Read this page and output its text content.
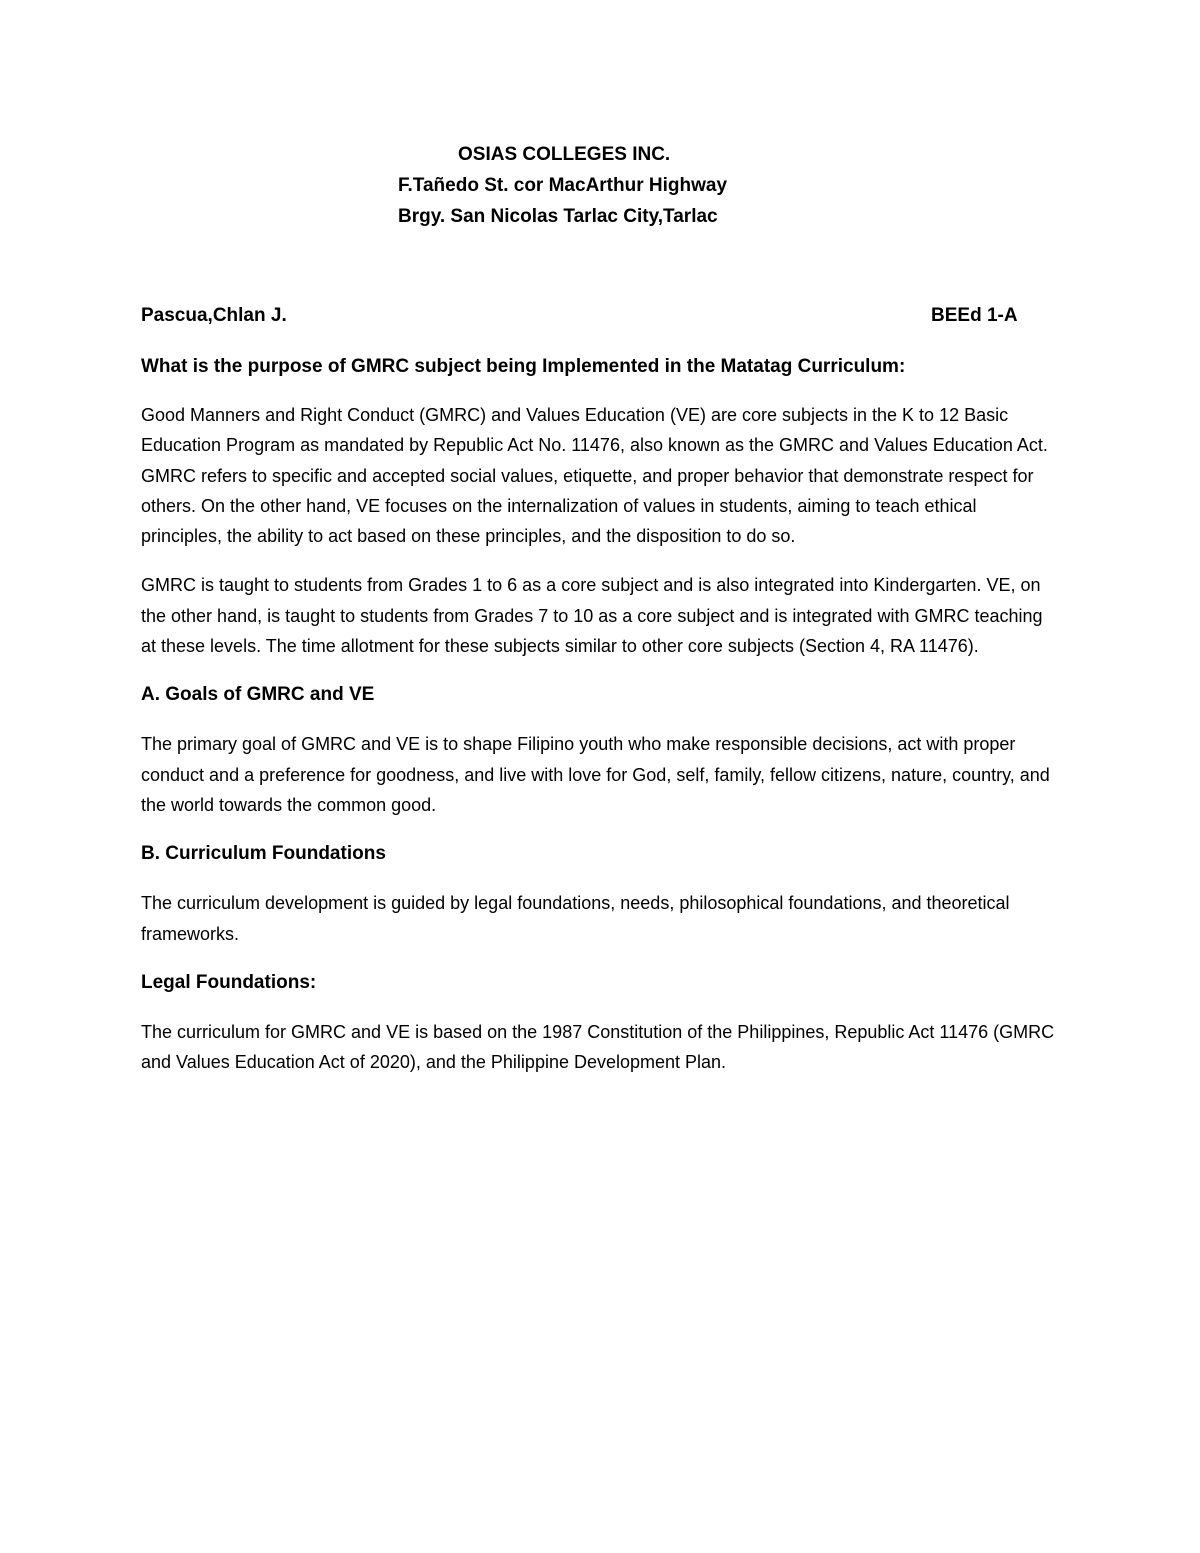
OSIAS COLLEGES INC.
F.Tañedo St. cor MacArthur Highway
Brgy. San Nicolas Tarlac City,Tarlac
Pascua,Chlan J.	BEEd 1-A
What is the purpose of GMRC subject being Implemented in the Matatag Curriculum:

Good Manners and Right Conduct (GMRC) and Values Education (VE) are core subjects in the K to 12 Basic Education Program as mandated by Republic Act No. 11476, also known as the GMRC and Values Education Act. GMRC refers to specific and accepted social values, etiquette, and proper behavior that demonstrate respect for others. On the other hand, VE focuses on the internalization of values in students, aiming to teach ethical principles, the ability to act based on these principles, and the disposition to do so.

GMRC is taught to students from Grades 1 to 6 as a core subject and is also integrated into Kindergarten. VE, on the other hand, is taught to students from Grades 7 to 10 as a core subject and is integrated with GMRC teaching at these levels. The time allotment for these subjects similar to other core subjects (Section 4, RA 11476).

A. Goals of GMRC and VE

The primary goal of GMRC and VE is to shape Filipino youth who make responsible decisions, act with proper conduct and a preference for goodness, and live with love for God, self, family, fellow citizens, nature, country, and the world towards the common good.

B. Curriculum Foundations

The curriculum development is guided by legal foundations, needs, philosophical foundations, and theoretical frameworks.

Legal Foundations:

The curriculum for GMRC and VE is based on the 1987 Constitution of the Philippines, Republic Act 11476 (GMRC and Values Education Act of 2020), and the Philippine Development Plan.
